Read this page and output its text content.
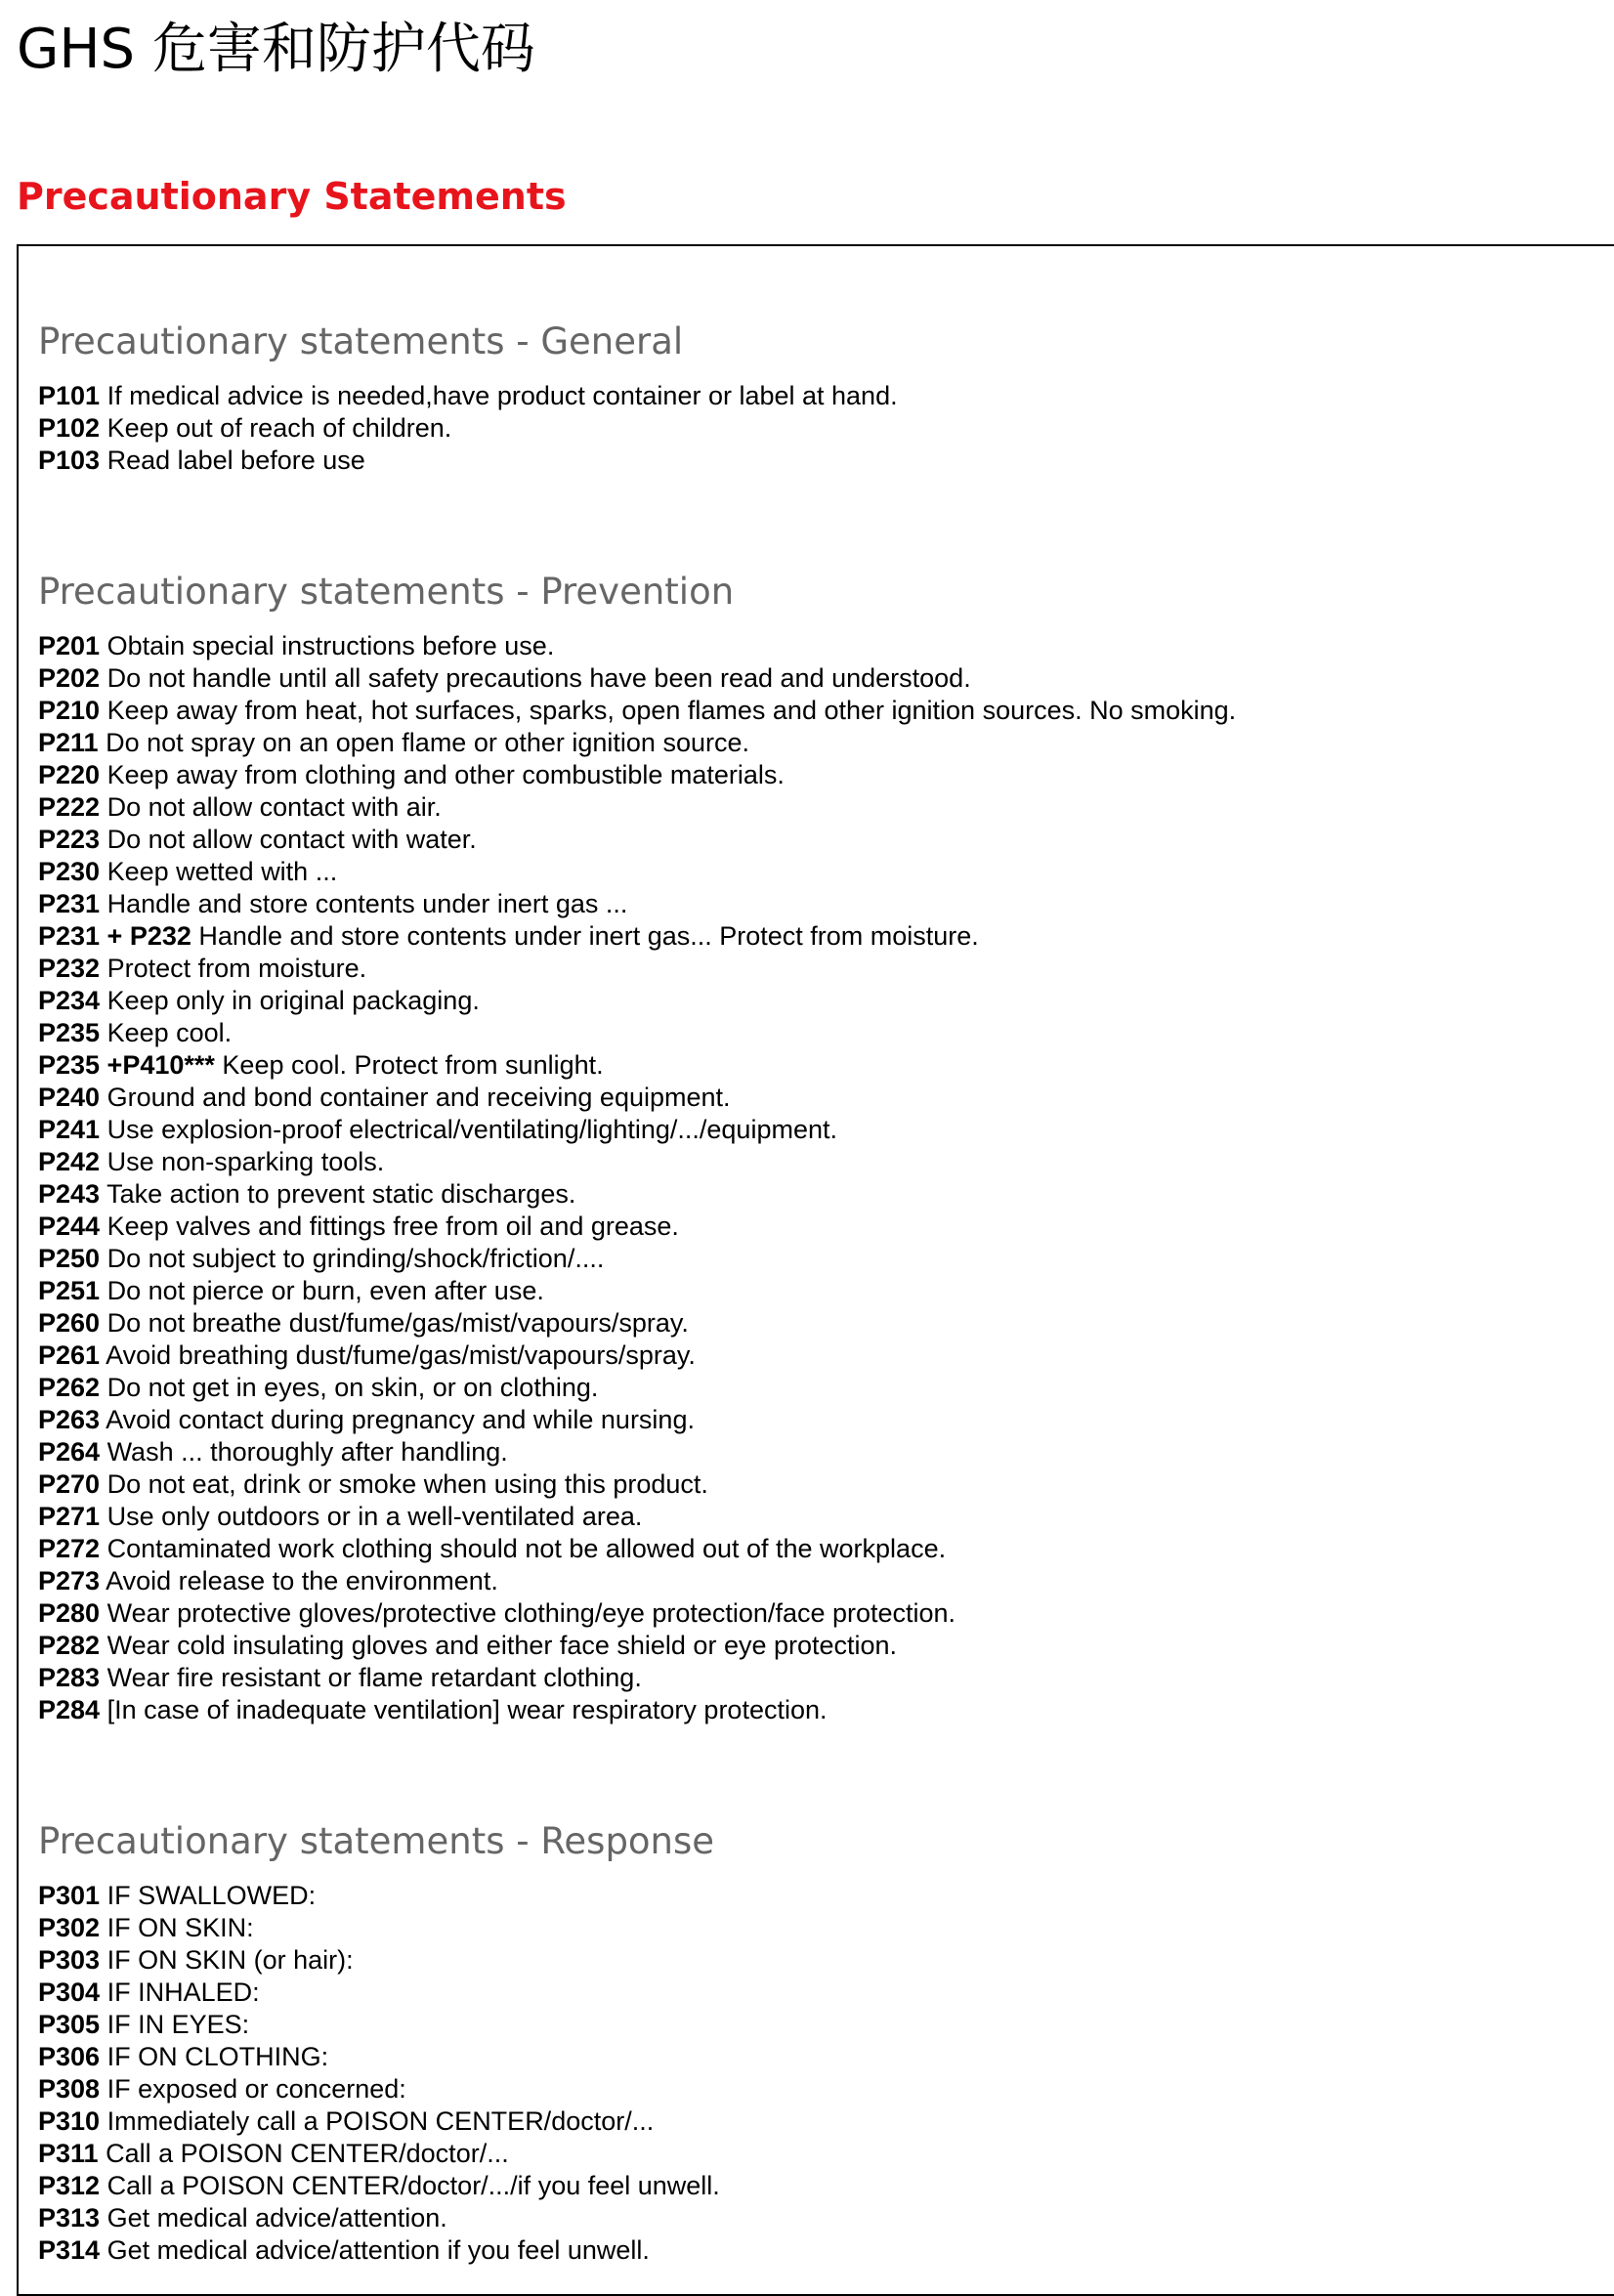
GHS 危害和防护代码
Precautionary Statements
Precautionary statements - General
P101 If medical advice is needed,have product container or label at hand.
P102 Keep out of reach of children.
P103 Read label before use
Precautionary statements - Prevention
P201 Obtain special instructions before use.
P202 Do not handle until all safety precautions have been read and understood.
P210 Keep away from heat, hot surfaces, sparks, open flames and other ignition sources. No smoking.
P211 Do not spray on an open flame or other ignition source.
P220 Keep away from clothing and other combustible materials.
P222 Do not allow contact with air.
P223 Do not allow contact with water.
P230 Keep wetted with ...
P231 Handle and store contents under inert gas ...
P231 + P232 Handle and store contents under inert gas... Protect from moisture.
P232 Protect from moisture.
P234 Keep only in original packaging.
P235 Keep cool.
P235 +P410*** Keep cool. Protect from sunlight.
P240 Ground and bond container and receiving equipment.
P241 Use explosion-proof electrical/ventilating/lighting/.../equipment.
P242 Use non-sparking tools.
P243 Take action to prevent static discharges.
P244 Keep valves and fittings free from oil and grease.
P250 Do not subject to grinding/shock/friction/....
P251 Do not pierce or burn, even after use.
P260 Do not breathe dust/fume/gas/mist/vapours/spray.
P261 Avoid breathing dust/fume/gas/mist/vapours/spray.
P262 Do not get in eyes, on skin, or on clothing.
P263 Avoid contact during pregnancy and while nursing.
P264 Wash ... thoroughly after handling.
P270 Do not eat, drink or smoke when using this product.
P271 Use only outdoors or in a well-ventilated area.
P272 Contaminated work clothing should not be allowed out of the workplace.
P273 Avoid release to the environment.
P280 Wear protective gloves/protective clothing/eye protection/face protection.
P282 Wear cold insulating gloves and either face shield or eye protection.
P283 Wear fire resistant or flame retardant clothing.
P284 [In case of inadequate ventilation] wear respiratory protection.
Precautionary statements - Response
P301 IF SWALLOWED:
P302 IF ON SKIN:
P303 IF ON SKIN (or hair):
P304 IF INHALED:
P305 IF IN EYES:
P306 IF ON CLOTHING:
P308 IF exposed or concerned:
P310 Immediately call a POISON CENTER/doctor/...
P311 Call a POISON CENTER/doctor/...
P312 Call a POISON CENTER/doctor/.../if you feel unwell.
P313 Get medical advice/attention.
P314 Get medical advice/attention if you feel unwell.
